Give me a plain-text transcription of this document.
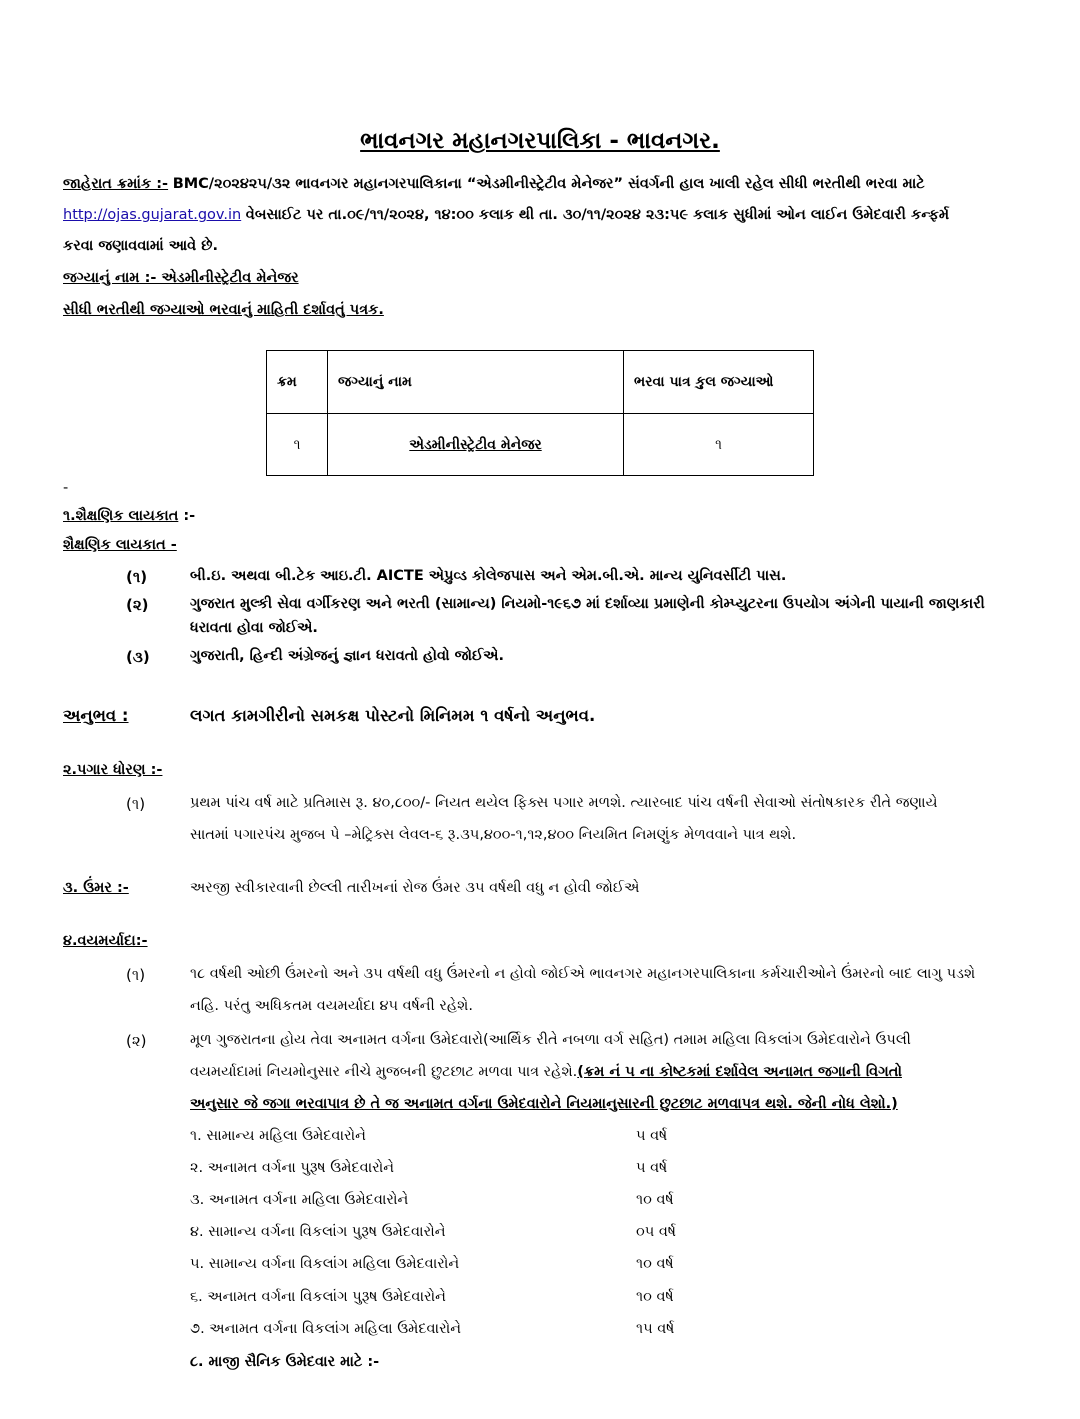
ભાવનગર મહાનગરપાલિકા - ભાવનગર.
જાહેરાત ક્રમાંક :- BMC/૨૦૨૪૨૫/૩૨ ભાવનગર મહાનગરપાલિકાના “એડમીનીસ્ટ્રેટીવ મેનેજર” સંવર્ગની હાલ ખાલી રહેલ સીધી ભરતીથી ભરવા માટે
http://ojas.gujarat.gov.in વેબસાઈટ પર તા.૦૯/૧૧/૨૦૨૪, ૧૪:૦૦ કલાક થી તા. ૩૦/૧૧/૨૦૨૪ ૨૩:૫૯ કલાક સુધીમાં ઓન લાઈન ઉમેદવારી કન્ફર્મ
કરવા જણાવવામાં આવે છે.
જગ્યાનું નામ :- એડમીનીસ્ટ્રેટીવ મેનેજર
સીધી ભરતીથી જગ્યાઓ ભરવાનું માહિતી દર્શાવતું પત્રક.
ક્રમ	જગ્યાનું નામ	ભરવા પાત્ર કુલ જગ્યાઓ
૧	એડમીનીસ્ટ્રેટીવ મેનેજર	૧
-
૧.શૈક્ષણિક લાયકાત :-
શૈક્ષણિક લાયકાત -
(૧)	બી.ઇ. અથવા બી.ટેક આઇ.ટી. AICTE એપ્રુવ્ડ કોલેજપાસ અને એમ.બી.એ. માન્ય યુનિવર્સીટી પાસ.
(૨)	ગુજરાત મુલ્કી સેવા વર્ગીકરણ અને ભરતી (સામાન્ય) નિયમો-૧૯૬૭ માં દર્શાવ્યા પ્રમાણેની કોમ્પ્યુટરના ઉપયોગ અંગેની પાયાની જાણકારી
ધરાવતા હોવા જોઈએ.
(૩)	ગુજરાતી, હિન્દી અંગ્રેજનું જ્ઞાન ધરાવતો હોવો જોઈએ.
અનુભવ :	લગત કામગીરીનો સમકક્ષ પોસ્ટનો મિનિમમ ૧ વર્ષનો અનુભવ.
૨.પગાર ધોરણ :-
(૧)	પ્રથમ પાંચ વર્ષ માટે પ્રતિમાસ રૂ. ૪૦,૮૦૦/- નિયત થયેલ ફિક્સ પગાર મળશે. ત્યારબાદ પાંચ વર્ષની સેવાઓ સંતોષકારક રીતે જણાયે
સાતમાં પગારપંચ મુજબ પે –મેટ્રિક્સ લેવલ-૬ રૂ.૩૫,૪૦૦-૧,૧૨,૪૦૦ નિયમિત નિમણુંક મેળવવાને પાત્ર થશે.
૩. ઉંમર :-	અરજી સ્વીકારવાની છેલ્લી તારીખનાં રોજ ઉંમર ૩૫ વર્ષથી વધુ ન હોવી જોઈએ
૪.વયમર્યાદા:-
(૧)	૧૮ વર્ષથી ઓછી ઉંમરનો અને ૩૫ વર્ષથી વધુ ઉંમરનો ન હોવો જોઈએ ભાવનગર મહાનગરપાલિકાના કર્મચારીઓને ઉંમરનો બાદ લાગુ પડશે
નહિ. પરંતુ અધિકતમ વયમર્યાદા ૪૫ વર્ષની રહેશે.
(૨)	મૂળ ગુજરાતના હોય તેવા અનામત વર્ગના ઉમેદવારો(આર્થિક રીતે નબળા વર્ગ સહિત) તમામ મહિલા વિકલાંગ ઉમેદવારોને ઉપલી
વયમર્યાદામાં નિયમોનુસાર નીચે મુજબની છુટછાટ મળવા પાત્ર રહેશે.(ક્રમ નં ૫ ના કોષ્ટકમાં દર્શાવેલ અનામત જગાની વિગતો
અનુસાર જે જગા ભરવાપાત્ર છે તે જ અનામત વર્ગના ઉમેદવારોને નિયમાનુસારની છુટછાટ મળવાપત્ર થશે. જેની નોધ લેશો.)
૧. સામાન્ય મહિલા ઉમેદવારોને	૫ વર્ષ
૨. અનામત વર્ગના પુરૂષ ઉમેદવારોને	૫ વર્ષ
૩. અનામત વર્ગના મહિલા ઉમેદવારોને	૧૦ વર્ષ
૪. સામાન્ય વર્ગના વિકલાંગ પુરૂષ ઉમેદવારોને	૦૫ વર્ષ
૫. સામાન્ય વર્ગના વિકલાંગ મહિલા ઉમેદવારોને	૧૦ વર્ષ
૬. અનામત વર્ગના વિકલાંગ પુરૂષ ઉમેદવારોને	૧૦ વર્ષ
૭. અનામત વર્ગના વિકલાંગ મહિલા ઉમેદવારોને	૧૫ વર્ષ
૮. માજી સૈનિક ઉમેદવાર માટે :-
